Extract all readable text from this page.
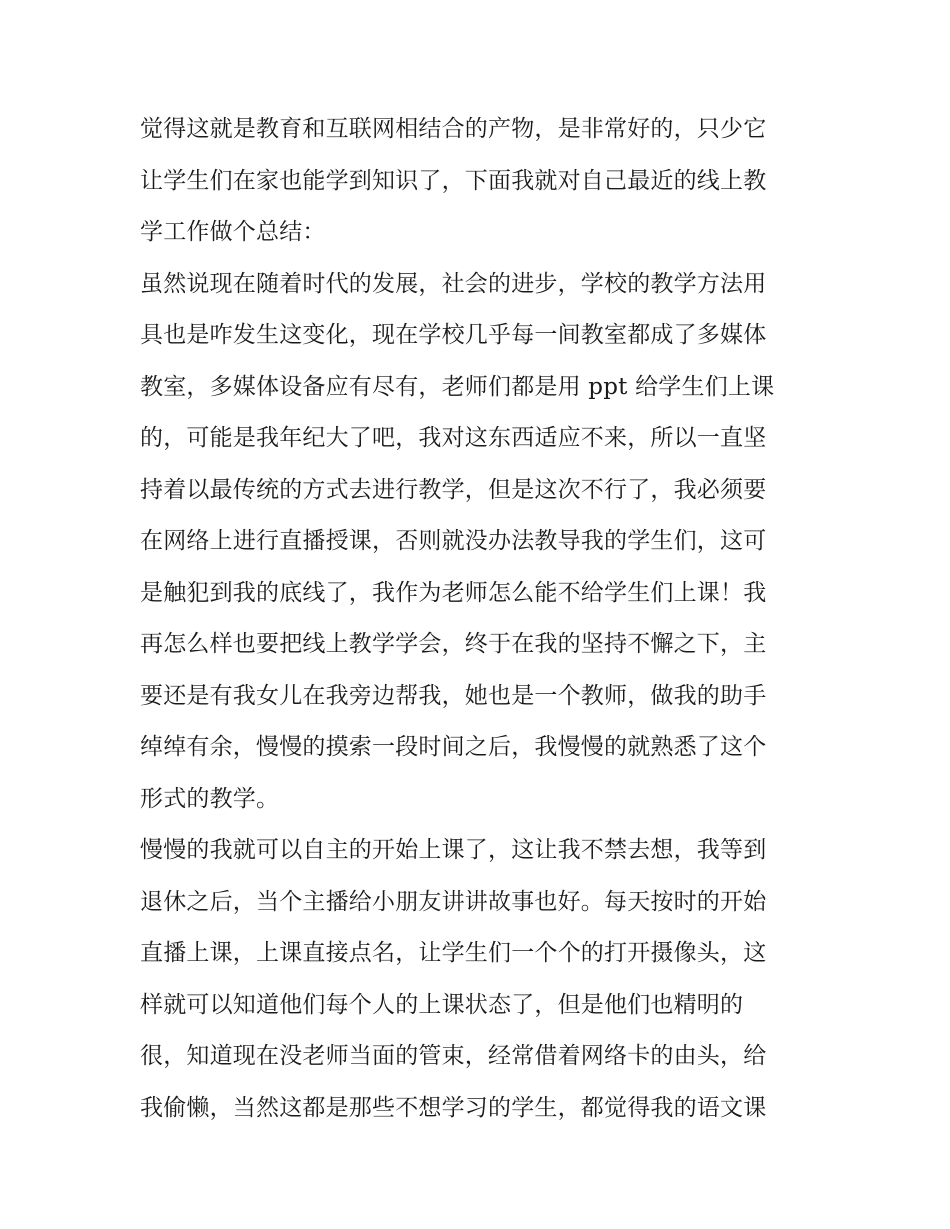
觉得这就是教育和互联网相结合的产物，是非常好的，只少它
让学生们在家也能学到知识了，下面我就对自己最近的线上教
学工作做个总结：
虽然说现在随着时代的发展，社会的进步，学校的教学方法用
具也是咋发生这变化，现在学校几乎每一间教室都成了多媒体
教室，多媒体设备应有尽有，老师们都是用 ppt 给学生们上课
的，可能是我年纪大了吧，我对这东西适应不来，所以一直坚
持着以最传统的方式去进行教学，但是这次不行了，我必须要
在网络上进行直播授课，否则就没办法教导我的学生们，这可
是触犯到我的底线了，我作为老师怎么能不给学生们上课！我
再怎么样也要把线上教学学会，终于在我的坚持不懈之下，主
要还是有我女儿在我旁边帮我，她也是一个教师，做我的助手
绰绰有余，慢慢的摸索一段时间之后，我慢慢的就熟悉了这个
形式的教学。
慢慢的我就可以自主的开始上课了，这让我不禁去想，我等到
退休之后，当个主播给小朋友讲讲故事也好。每天按时的开始
直播上课，上课直接点名，让学生们一个个的打开摄像头，这
样就可以知道他们每个人的上课状态了，但是他们也精明的
很，知道现在没老师当面的管束，经常借着网络卡的由头，给
我偷懒，当然这都是那些不想学习的学生，都觉得我的语文课
